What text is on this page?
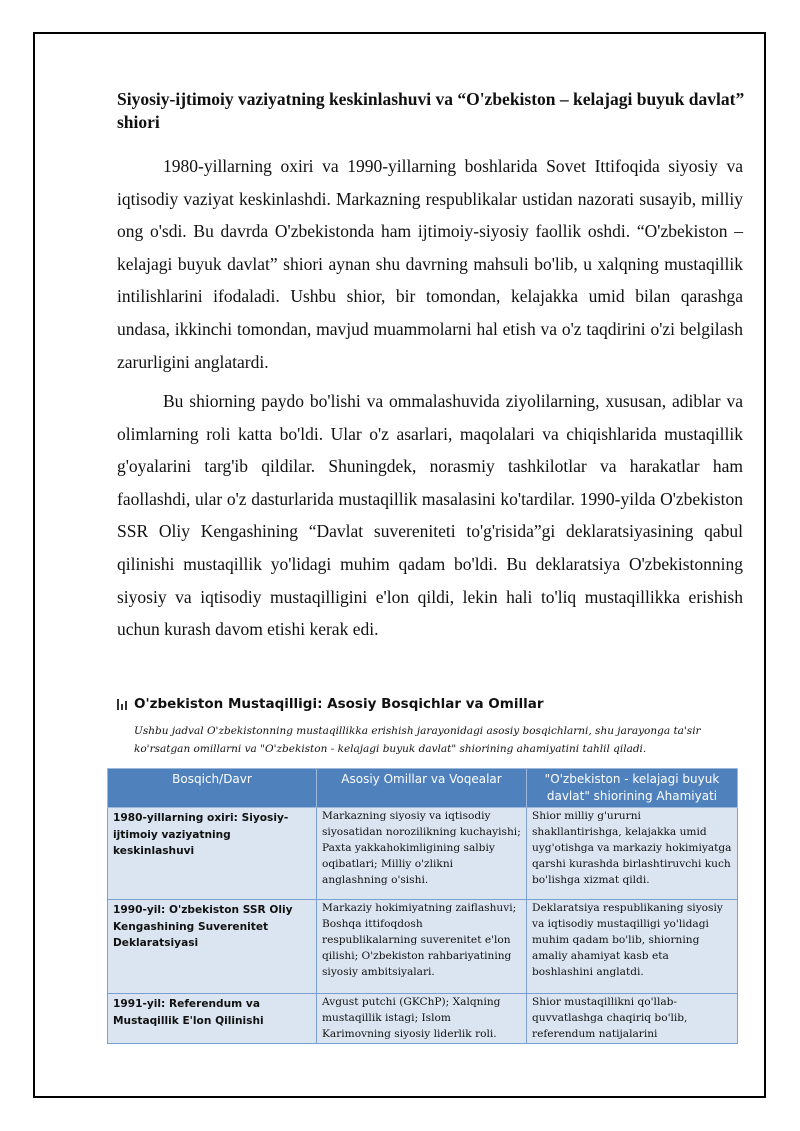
Siyosiy-ijtimoiy vaziyatning keskinlashuvi va “O'zbekiston – kelajagi buyuk davlat” shiori

1980-yillarning oxiri va 1990-yillarning boshlarida Sovet Ittifoqida siyosiy va iqtisodiy vaziyat keskinlashdi. Markazning respublikalar ustidan nazorati susayib, milliy ong o'sdi. Bu davrda O'zbekistonda ham ijtimoiy-siyosiy faollik oshdi. “O'zbekiston – kelajagi buyuk davlat” shiori aynan shu davrning mahsuli bo'lib, u xalqning mustaqillik intilishlarini ifodaladi. Ushbu shior, bir tomondan, kelajakka umid bilan qarashga undasa, ikkinchi tomondan, mavjud muammolarni hal etish va o'z taqdirini o'zi belgilash zarurligini anglatardi.

Bu shiorning paydo bo'lishi va ommalashuvida ziyolilarning, xususan, adiblar va olimlarning roli katta bo'ldi. Ular o'z asarlari, maqolalari va chiqishlarida mustaqillik g'oyalarini targ'ib qildilar. Shuningdek, norasmiy tashkilotlar va harakatlar ham faollashdi, ular o'z dasturlarida mustaqillik masalasini ko'tardilar. 1990-yilda O'zbekiston SSR Oliy Kengashining “Davlat suvereniteti to'g'risida”gi deklaratsiyasining qabul qilinishi mustaqillik yo'lidagi muhim qadam bo'ldi. Bu deklaratsiya O'zbekistonning siyosiy va iqtisodiy mustaqilligini e'lon qildi, lekin hali to'liq mustaqillikka erishish uchun kurash davom etishi kerak edi.

O'zbekiston Mustaqilligi: Asosiy Bosqichlar va Omillar
Ushbu jadval O'zbekistonning mustaqillikka erishish jarayonidagi asosiy bosqichlarni, shu jarayonga ta'sir ko'rsatgan omillarni va "O'zbekiston - kelajagi buyuk davlat" shiorining ahamiyatini tahlil qiladi.
Bosqich/Davr	Asosiy Omillar va Voqealar	"O'zbekiston - kelajagi buyuk davlat" shiorining Ahamiyati
1980-yillarning oxiri: Siyosiy-ijtimoiy vaziyatning keskinlashuvi	Markazning siyosiy va iqtisodiy siyosatidan norozilikning kuchayishi; Paxta yakkahokimligining salbiy oqibatlari; Milliy o'zlikni anglashning o'sishi.	Shior milliy g'ururni shakllantirishga, kelajakka umid uyg'otishga va markaziy hokimiyatga qarshi kurashda birlashtiruvchi kuch bo'lishga xizmat qildi.
1990-yil: O'zbekiston SSR Oliy Kengashining Suverenitet Deklaratsiyasi	Markaziy hokimiyatning zaiflashuvi; Boshqa ittifoqdosh respublikalarning suverenitet e'lon qilishi; O'zbekiston rahbariyatining siyosiy ambitsiyalari.	Deklaratsiya respublikaning siyosiy va iqtisodiy mustaqilligi yo'lidagi muhim qadam bo'lib, shiorning amaliy ahamiyat kasb eta boshlashini anglatdi.
1991-yil: Referendum va Mustaqillik E'lon Qilinishi	Avgust putchi (GKChP); Xalqning mustaqillik istagi; Islom Karimovning siyosiy liderlik roli.	Shior mustaqillikni qo'llab-quvvatlashga chaqiriq bo'lib, referendum natijalarini
